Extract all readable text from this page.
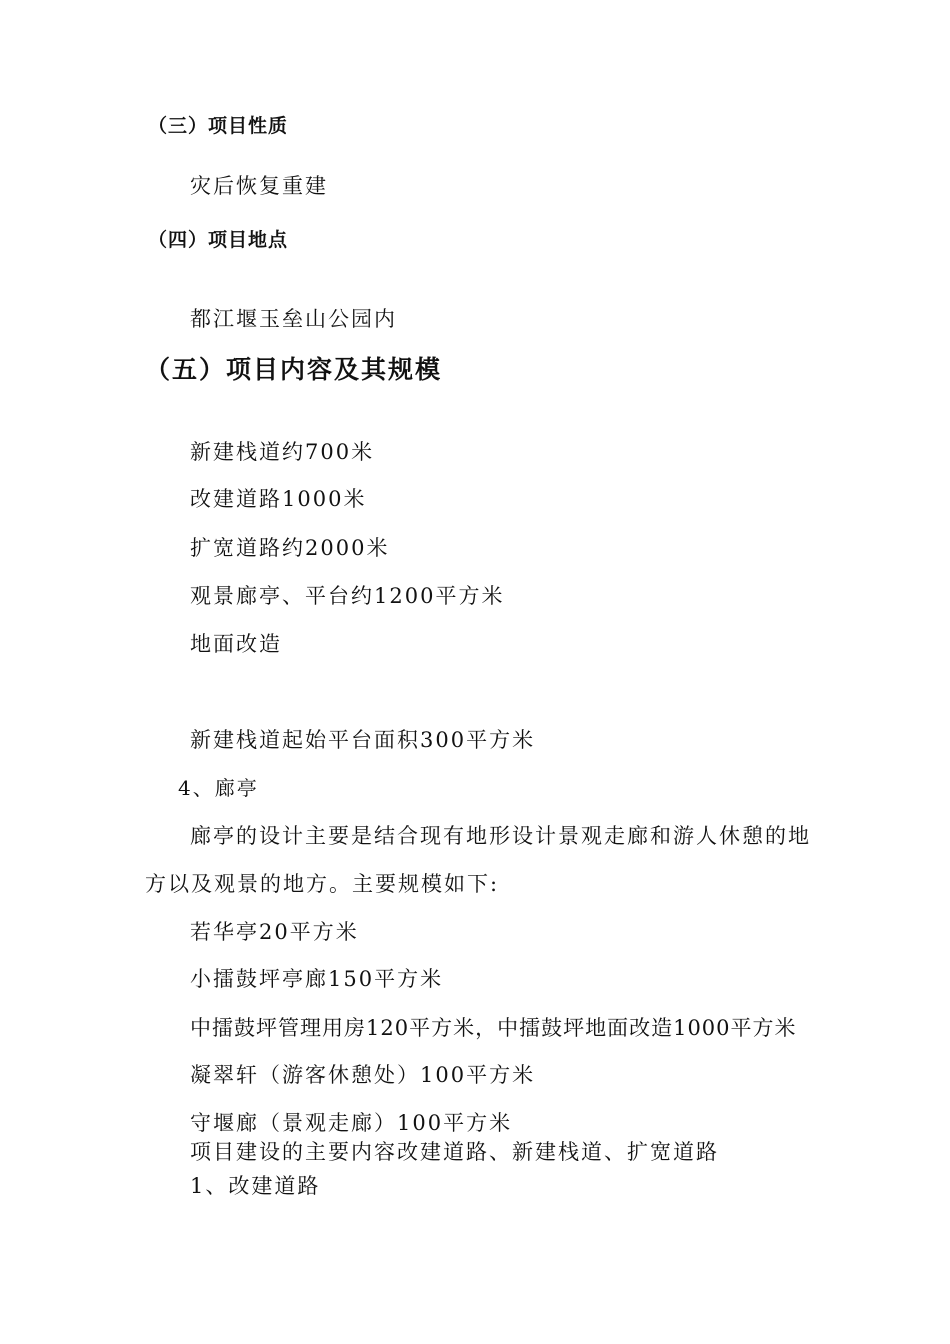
（三）项目性质
灾后恢复重建
（四）项目地点
都江堰玉垒山公园内
（五）项目内容及其规模
新建栈道约700米
改建道路1000米
扩宽道路约2000米
观景廊亭、平台约1200平方米
地面改造
新建栈道起始平台面积300平方米
4、廊亭
廊亭的设计主要是结合现有地形设计景观走廊和游人休憩的地
方以及观景的地方。主要规模如下:
若华亭20平方米
小擂鼓坪亭廊150平方米
中擂鼓坪管理用房120平方米，中擂鼓坪地面改造1000平方米
凝翠轩（游客休憩处）100平方米
守堰廊（景观走廊）100平方米
项目建设的主要内容改建道路、新建栈道、扩宽道路
1、改建道路
